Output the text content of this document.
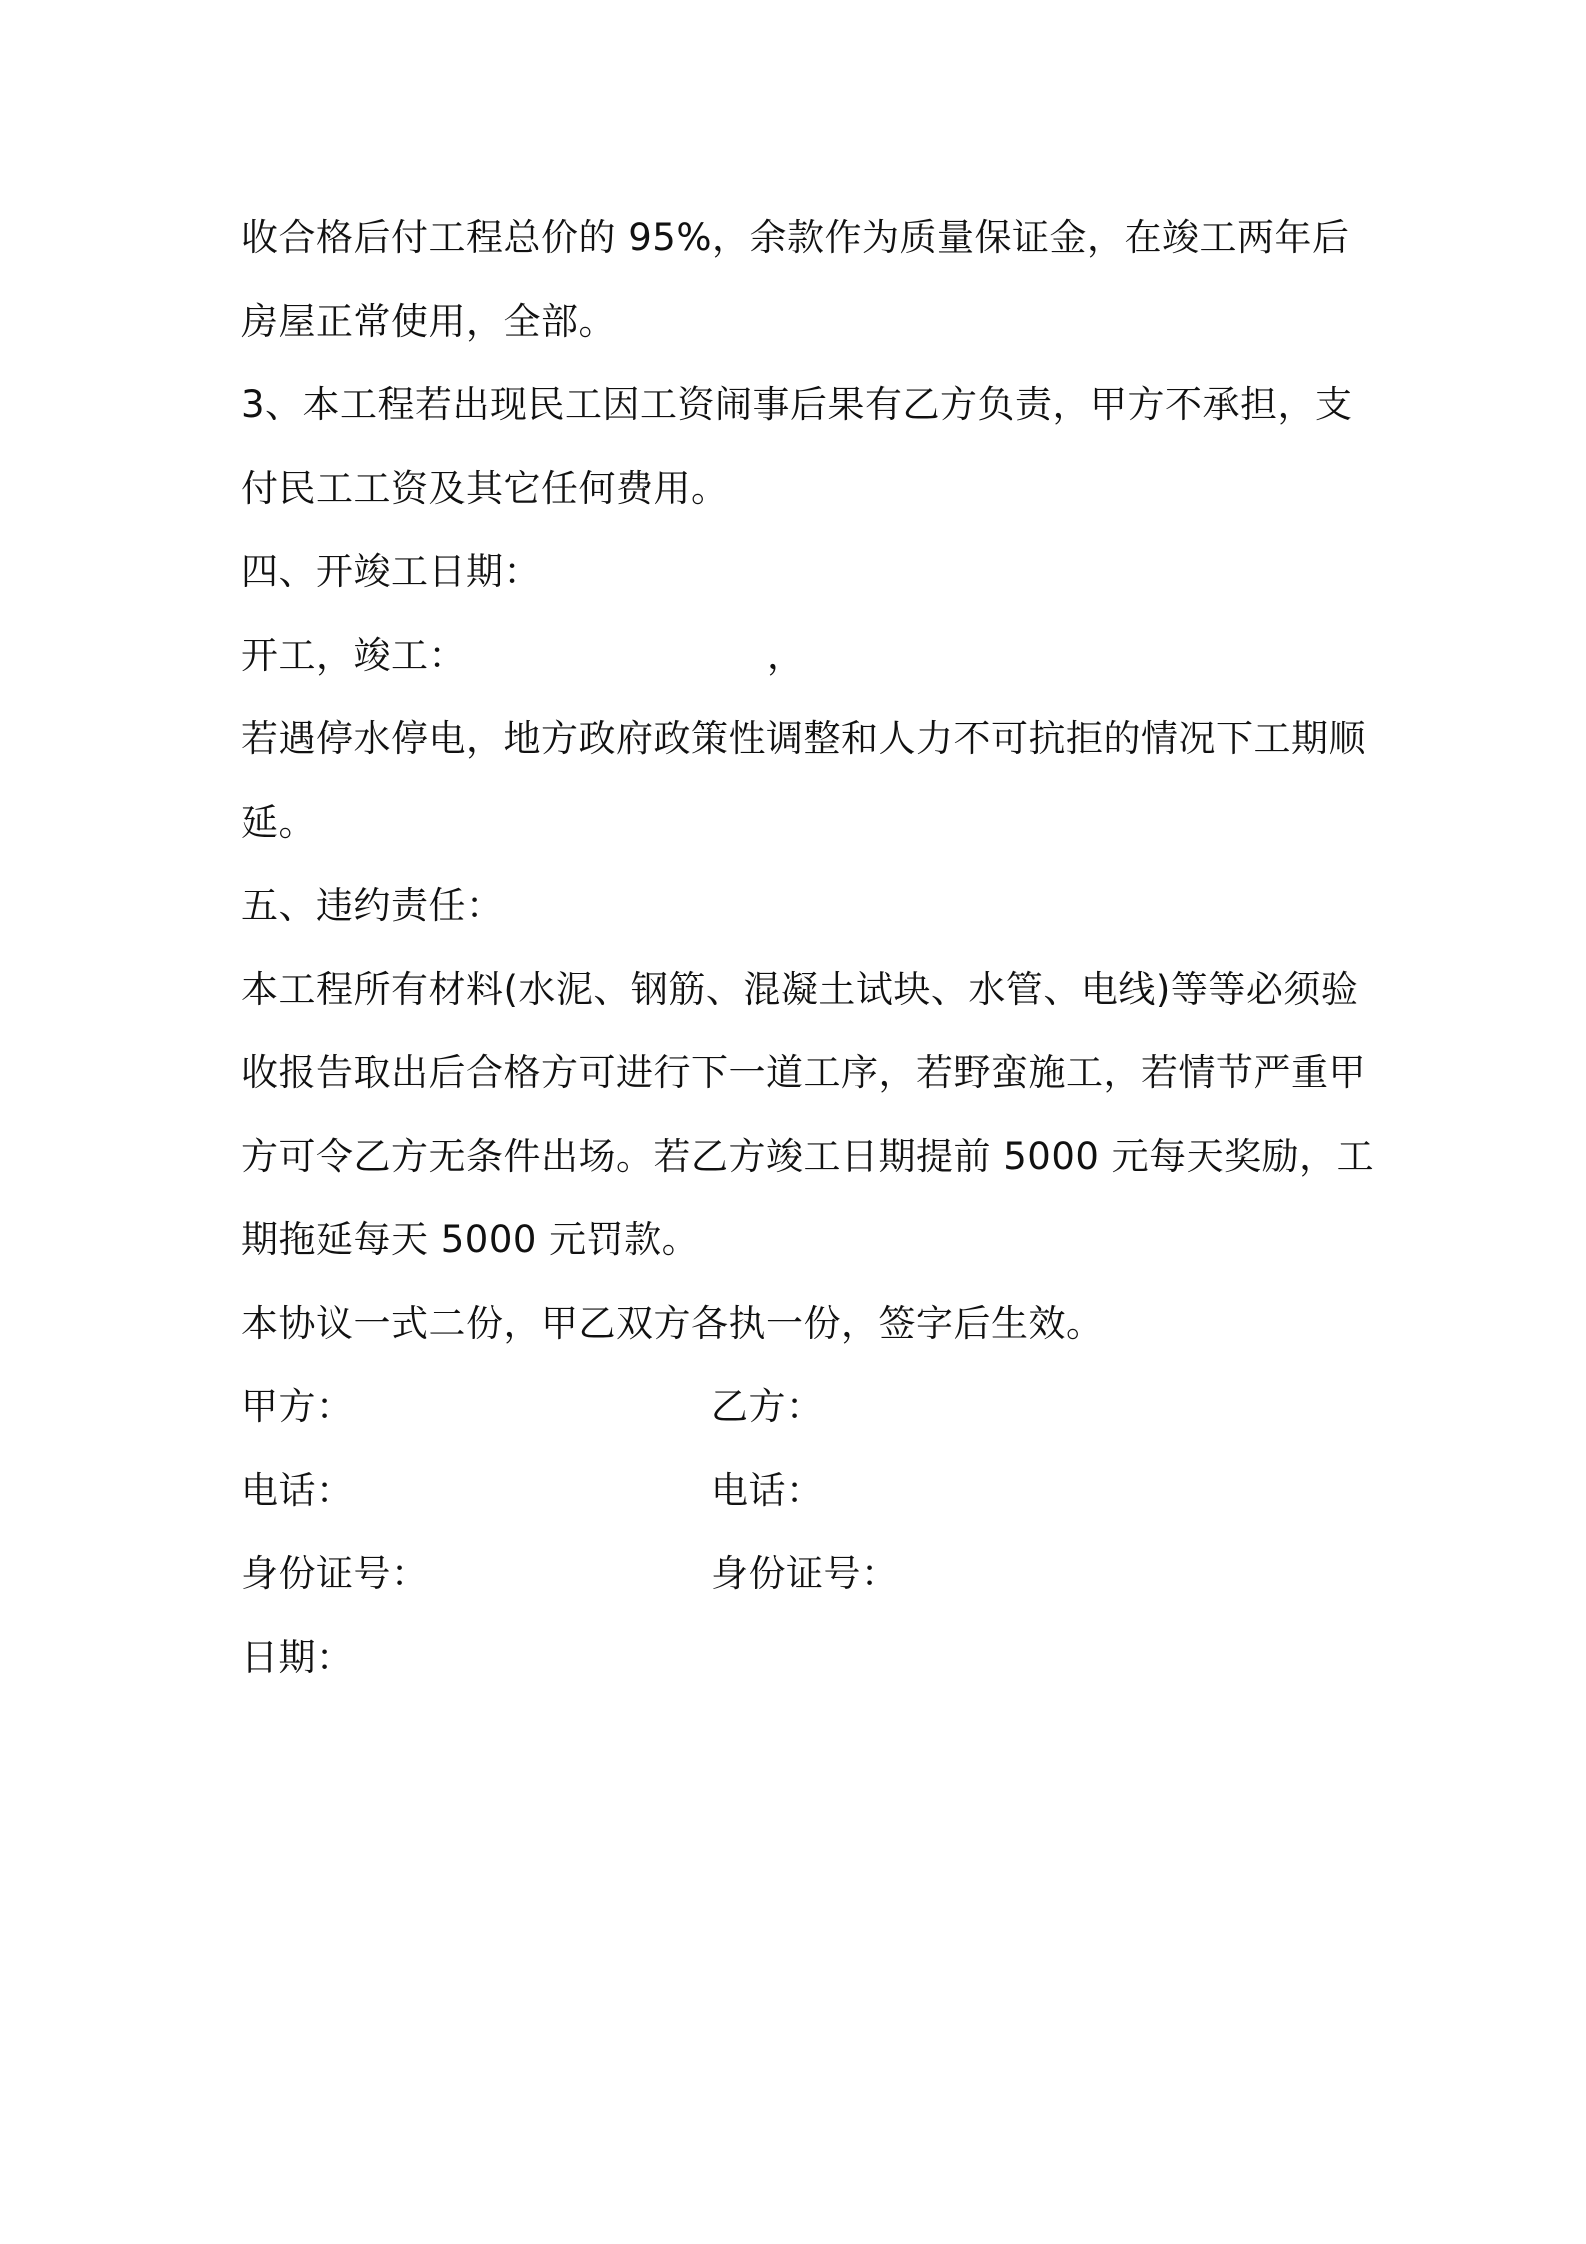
收合格后付工程总价的 95%，余款作为质量保证金，在竣工两年后
房屋正常使用，全部。
3、本工程若出现民工因工资闹事后果有乙方负责，甲方不承担，支
付民工工资及其它任何费用。
四、开竣工日期：
开工，竣工：	，
若遇停水停电，地方政府政策性调整和人力不可抗拒的情况下工期顺
延。
五、违约责任：
本工程所有材料(水泥、钢筋、混凝土试块、水管、电线)等等必须验
收报告取出后合格方可进行下一道工序，若野蛮施工，若情节严重甲
方可令乙方无条件出场。若乙方竣工日期提前 5000 元每天奖励，工
期拖延每天 5000 元罚款。
本协议一式二份，甲乙双方各执一份，签字后生效。
甲方：	乙方：
电话：	电话：
身份证号：	身份证号：
日期：
